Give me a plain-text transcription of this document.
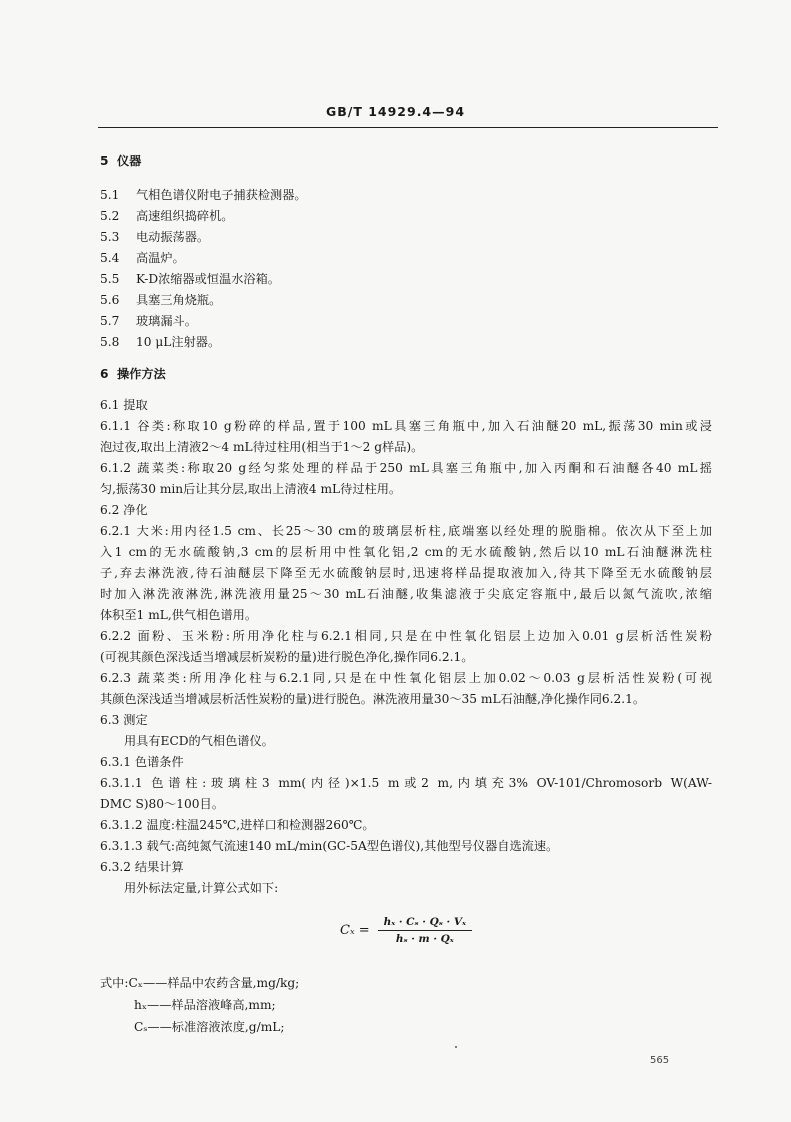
GB/T 14929.4—94
5 仪器
5.1 气相色谱仪附电子捕获检测器。
5.2 高速组织捣碎机。
5.3 电动振荡器。
5.4 高温炉。
5.5 K-D浓缩器或恒温水浴箱。
5.6 具塞三角烧瓶。
5.7 玻璃漏斗。
5.8 10 μL注射器。
6 操作方法
6.1 提取
6.1.1 谷类:称取10 g粉碎的样品,置于100 mL具塞三角瓶中,加入石油醚20 mL,振荡30 min或浸
泡过夜,取出上清液2～4 mL待过柱用(相当于1～2 g样品)。
6.1.2 蔬菜类:称取20 g经匀浆处理的样品于250 mL具塞三角瓶中,加入丙酮和石油醚各40 mL摇
匀,振荡30 min后让其分层,取出上清液4 mL待过柱用。
6.2 净化
6.2.1 大米:用内径1.5 cm、长25～30 cm的玻璃层析柱,底端塞以经处理的脱脂棉。依次从下至上加
入1 cm的无水硫酸钠,3 cm的层析用中性氧化铝,2 cm的无水硫酸钠,然后以10 mL石油醚淋洗柱
子,弃去淋洗液,待石油醚层下降至无水硫酸钠层时,迅速将样品提取液加入,待其下降至无水硫酸钠层
时加入淋洗液淋洗,淋洗液用量25～30 mL石油醚,收集滤液于尖底定容瓶中,最后以氮气流吹,浓缩
体积至1 mL,供气相色谱用。
6.2.2 面粉、玉米粉:所用净化柱与6.2.1相同,只是在中性氧化铝层上边加入0.01 g层析活性炭粉
(可视其颜色深浅适当增减层析炭粉的量)进行脱色净化,操作同6.2.1。
6.2.3 蔬菜类:所用净化柱与6.2.1同,只是在中性氧化铝层上加0.02～0.03 g层析活性炭粉(可视
其颜色深浅适当增减层析活性炭粉的量)进行脱色。淋洗液用量30～35 mL石油醚,净化操作同6.2.1。
6.3 测定
用具有ECD的气相色谱仪。
6.3.1 色谱条件
6.3.1.1 色谱柱:玻璃柱3 mm(内径)×1.5 m或2 m,内填充3% OV-101/Chromosorb W(AW-
DMC S)80～100目。
6.3.1.2 温度:柱温245℃,进样口和检测器260℃。
6.3.1.3 载气:高纯氮气流速140 mL/min(GC-5A型色谱仪),其他型号仪器自选流速。
6.3.2 结果计算
用外标法定量,计算公式如下:
$C_x = \frac{\text{hₓ · Cₛ · Qₛ · Vₓ}}{\text{hₛ · m · Qₓ}}$
式中:Cₓ——样品中农药含量,mg/kg;
hₓ——样品溶液峰高,mm;
Cₛ——标准溶液浓度,g/mL;
565
